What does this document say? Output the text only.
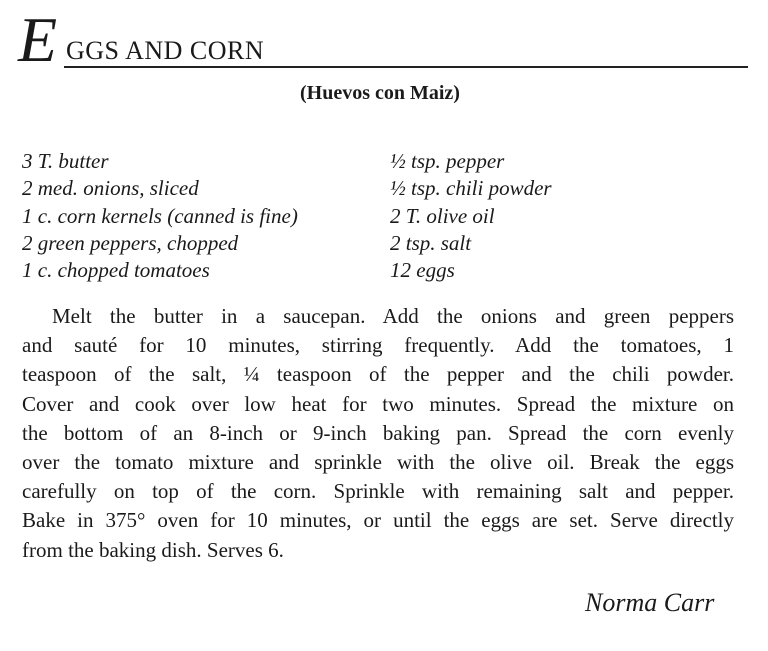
E GGS AND CORN
(Huevos con Maiz)
3 T. butter
2 med. onions, sliced
1 c. corn kernels (canned is fine)
2 green peppers, chopped
1 c. chopped tomatoes
½ tsp. pepper
½ tsp. chili powder
2 T. olive oil
2 tsp. salt
12 eggs
Melt the butter in a saucepan. Add the onions and green peppers
and sauté for 10 minutes, stirring frequently. Add the tomatoes, 1
teaspoon of the salt, ¼ teaspoon of the pepper and the chili powder.
Cover and cook over low heat for two minutes. Spread the mixture on
the bottom of an 8-inch or 9-inch baking pan. Spread the corn evenly
over the tomato mixture and sprinkle with the olive oil. Break the eggs
carefully on top of the corn. Sprinkle with remaining salt and pepper.
Bake in 375° oven for 10 minutes, or until the eggs are set. Serve directly
from the baking dish. Serves 6.
Norma Carr
